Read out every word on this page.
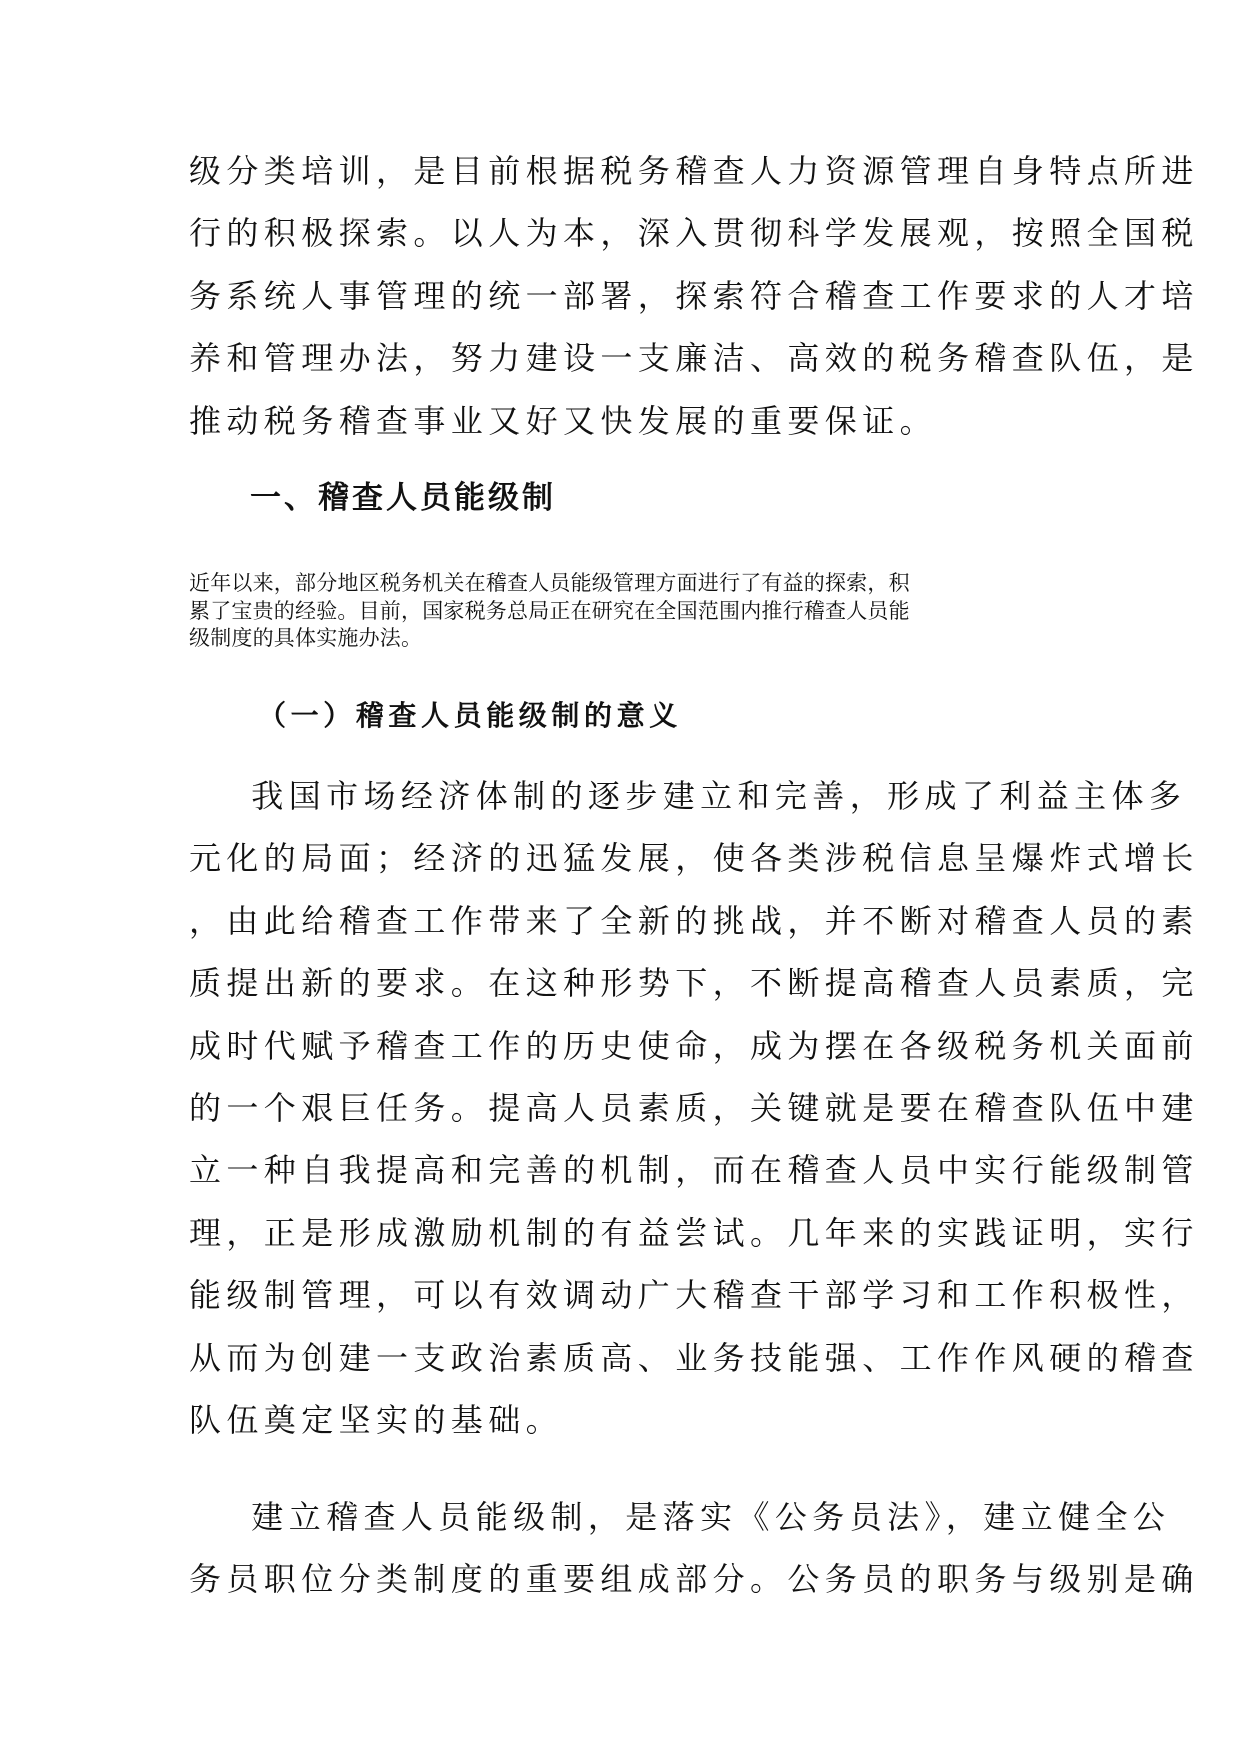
级分类培训，是目前根据税务稽查人力资源管理自身特点所进
行的积极探索。以人为本，深入贯彻科学发展观，按照全国税
务系统人事管理的统一部署，探索符合稽查工作要求的人才培
养和管理办法，努力建设一支廉洁、高效的税务稽查队伍，是
推动税务稽查事业又好又快发展的重要保证。
一、稽查人员能级制
近年以来，部分地区税务机关在稽查人员能级管理方面进行了有益的探索，积
累了宝贵的经验。目前，国家税务总局正在研究在全国范围内推行稽查人员能
级制度的具体实施办法。
（一）稽查人员能级制的意义
我国市场经济体制的逐步建立和完善，形成了利益主体多
元化的局面；经济的迅猛发展，使各类涉税信息呈爆炸式增长
，由此给稽查工作带来了全新的挑战，并不断对稽查人员的素
质提出新的要求。在这种形势下，不断提高稽查人员素质，完
成时代赋予稽查工作的历史使命，成为摆在各级税务机关面前
的一个艰巨任务。提高人员素质，关键就是要在稽查队伍中建
立一种自我提高和完善的机制，而在稽查人员中实行能级制管
理，正是形成激励机制的有益尝试。几年来的实践证明，实行
能级制管理，可以有效调动广大稽查干部学习和工作积极性，
从而为创建一支政治素质高、业务技能强、工作作风硬的稽查
队伍奠定坚实的基础。
建立稽查人员能级制，是落实《公务员法》，建立健全公
务员职位分类制度的重要组成部分。公务员的职务与级别是确
